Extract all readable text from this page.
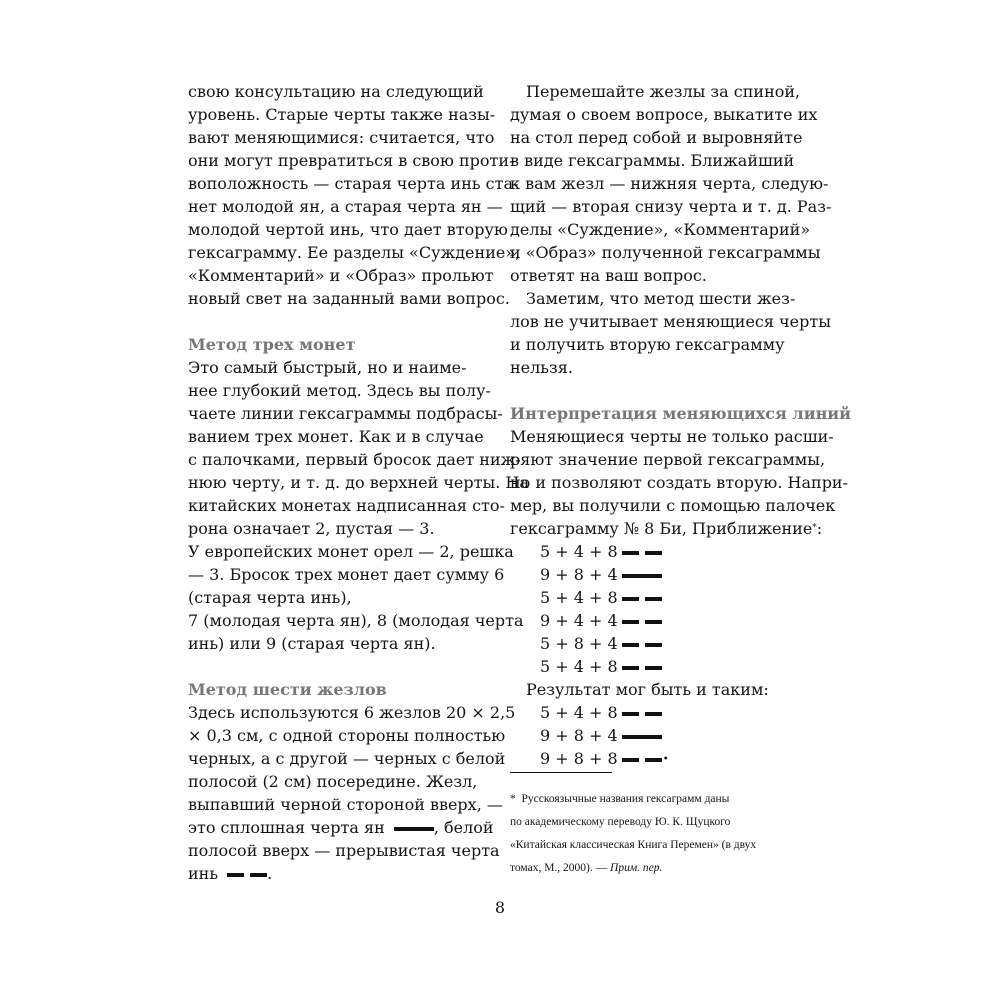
свою консультацию на следующий
уровень. Старые черты также назы-
вают меняющимися: считается, что
они могут превратиться в свою проти-
воположность — старая черта инь ста-
нет молодой ян, а старая черта ян —
молодой чертой инь, что дает вторую
гексаграмму. Ее разделы «Суждение»,
«Комментарий» и «Образ» прольют
новый свет на заданный вами вопрос.
Метод трех монет
Это самый быстрый, но и наиме-
нее глубокий метод. Здесь вы полу-
чаете линии гексаграммы подбрасы-
ванием трех монет. Как и в случае
с палочками, первый бросок дает ниж-
нюю черту, и т. д. до верхней черты. На
китайских монетах надписанная сто-
рона означает 2, пустая — 3.
У европейских монет орел — 2, решка
— 3. Бросок трех монет дает сумму 6
(старая черта инь),
7 (молодая черта ян), 8 (молодая черта
инь) или 9 (старая черта ян).
Метод шести жезлов
Здесь используются 6 жезлов 20 × 2,5
× 0,3 см, с одной стороны полностью
черных, а с другой — черных с белой
полосой (2 см) посередине. Жезл,
выпавший черной стороной вверх, —
это сплошная черта ян	, белой
полосой вверх — прерывистая черта
инь	.
Перемешайте жезлы за спиной,
думая о своем вопросе, выкатите их
на стол перед собой и выровняйте
в виде гексаграммы. Ближайший
к вам жезл — нижняя черта, следую-
щий — вторая снизу черта и т. д. Раз-
делы «Суждение», «Комментарий»
и «Образ» полученной гексаграммы
ответят на ваш вопрос.
Заметим, что метод шести жез-
лов не учитывает меняющиеся черты
и получить вторую гексаграмму
нельзя.
Интерпретация меняющихся линий
Меняющиеся черты не только расши-
ряют значение первой гексаграммы,
но и позволяют создать вторую. Напри-
мер, вы получили с помощью палочек
гексаграмму № 8 Би, Приближение*:
5 + 4 + 8
9 + 8 + 4
5 + 4 + 8
9 + 4 + 4
5 + 8 + 4
5 + 4 + 8
Результат мог быть и таким:
5 + 4 + 8
9 + 8 + 4
9 + 8 + 8	•
* Русскоязычные названия гексаграмм даны
по академическому переводу Ю. К. Щуцкого
«Китайская классическая Книга Перемен» (в двух
томах, М., 2000). — Прим. пер.
8
